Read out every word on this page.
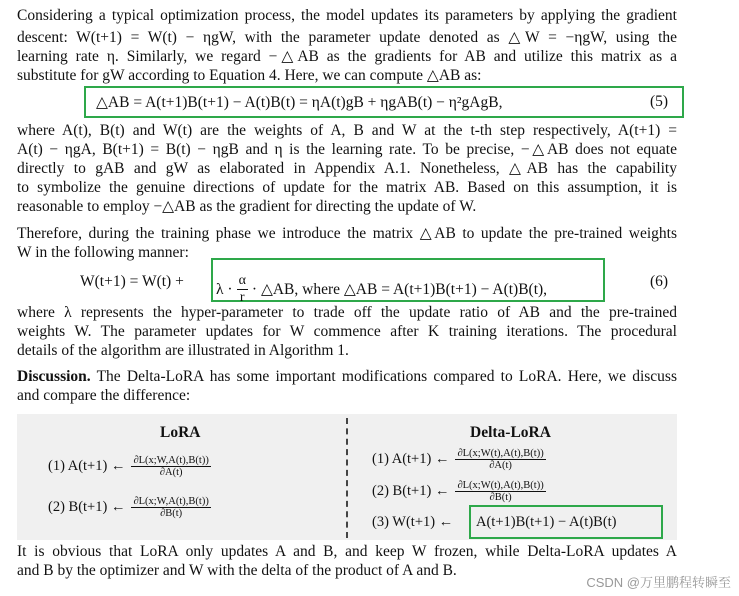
Considering a typical optimization process, the model updates its parameters by applying the gradient
descent: W(t+1) = W(t) − ηgW, with the parameter update denoted as △W = −ηgW, using the
learning rate η. Similarly, we regard −△AB as the gradients for AB and utilize this matrix as a
substitute for gW according to Equation 4. Here, we can compute △AB as:
△AB = A(t+1)B(t+1) − A(t)B(t) = ηA(t)gB + ηgAB(t) − η²gAgB,	(5)
where A(t), B(t) and W(t) are the weights of A, B and W at the t-th step respectively, A(t+1) =
A(t) − ηgA, B(t+1) = B(t) − ηgB and η is the learning rate. To be precise, −△AB does not equate
directly to gAB and gW as elaborated in Appendix A.1. Nonetheless, △AB has the capability
to symbolize the genuine directions of update for the matrix AB. Based on this assumption, it is
reasonable to employ −△AB as the gradient for directing the update of W.
Therefore, during the training phase we introduce the matrix △AB to update the pre-trained weights
W in the following manner:
$W(t+1) = W(t) + \lambda \cdot \frac{\alpha}{r}$ · △AB, where △AB = A(t+1)B(t+1) − A(t)B(t),	(6)
where λ represents the hyper-parameter to trade off the update ratio of AB and the pre-trained
weights W. The parameter updates for W commence after K training iterations. The procedural
details of the algorithm are illustrated in Algorithm 1.
Discussion. The Delta-LoRA has some important modifications compared to LoRA. Here, we discuss
and compare the difference:
LoRA	Delta-LoRA
(1) A(t+1) ← $\frac{\partial L(x;W,A(t),B(t))}{\partial A(t)}$
(2) B(t+1) ← $\frac{\partial L(x;W,A(t),B(t))}{\partial B(t)}$
(1) A(t+1) ← $\frac{\partial L(x;W(t),A(t),B(t))}{\partial A(t)}$
(2) B(t+1) ← $\frac{\partial L(x;W(t),A(t),B(t))}{\partial B(t)}$
(3) W(t+1) ← A(t+1)B(t+1) − A(t)B(t)
It is obvious that LoRA only updates A and B, and keep W frozen, while Delta-LoRA updates A
and B by the optimizer and W with the delta of the product of A and B.
CSDN @万里鹏程转瞬至
